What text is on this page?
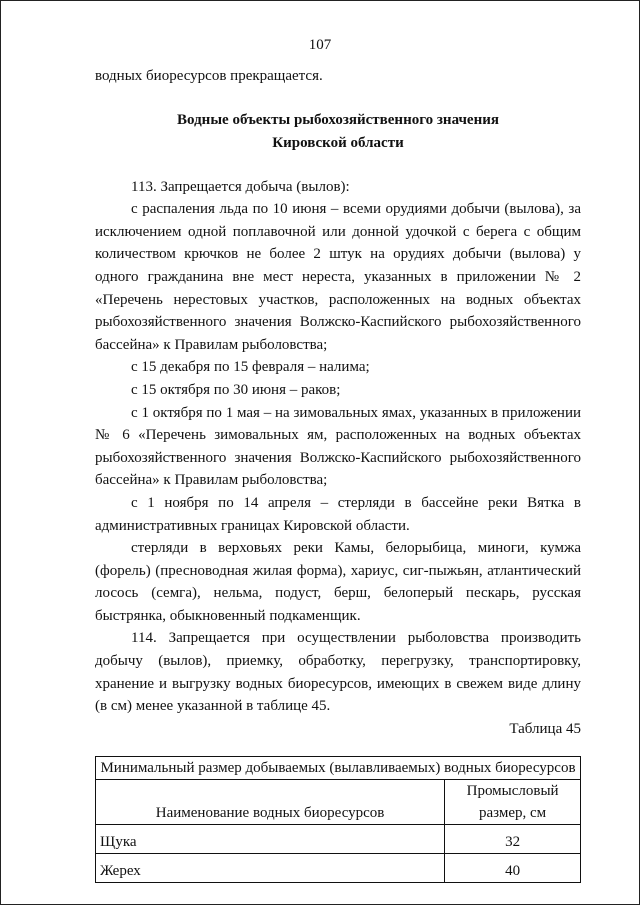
107

водных биоресурсов прекращается.

Водные объекты рыбохозяйственного значения

Кировской области

113. Запрещается добыча (вылов):

с распаления льда по 10 июня – всеми орудиями добычи (вылова), за исключением одной поплавочной или донной удочкой с берега с общим количеством крючков не более 2 штук на орудиях добычи (вылова) у одного гражданина вне мест нереста, указанных в приложении № 2 «Перечень нерестовых участков, расположенных на водных объектах рыбохозяйственного значения Волжско-Каспийского рыбохозяйственного бассейна» к Правилам рыболовства;

с 15 декабря по 15 февраля – налима;

с 15 октября по 30 июня – раков;

с 1 октября по 1 мая – на зимовальных ямах, указанных в приложении № 6 «Перечень зимовальных ям, расположенных на водных объектах рыбохозяйственного значения Волжско-Каспийского рыбохозяйственного бассейна» к Правилам рыболовства;

с 1 ноября по 14 апреля – стерляди в бассейне реки Вятка в административных границах Кировской области.

стерляди в верховьях реки Камы, белорыбица, миноги, кумжа (форель) (пресноводная жилая форма), хариус, сиг-пыжьян, атлантический лосось (семга), нельма, подуст, берш, белоперый пескарь, русская быстрянка, обыкновенный подкаменщик.

114. Запрещается при осуществлении рыболовства производить добычу (вылов), приемку, обработку, перегрузку, транспортировку, хранение и выгрузку водных биоресурсов, имеющих в свежем виде длину (в см) менее указанной в таблице 45.

Таблица 45

Минимальный размер добываемых (вылавливаемых) водных биоресурсов	
Наименование водных биоресурсов	Промысловый размер, см
Щука	32
Жерех	40
